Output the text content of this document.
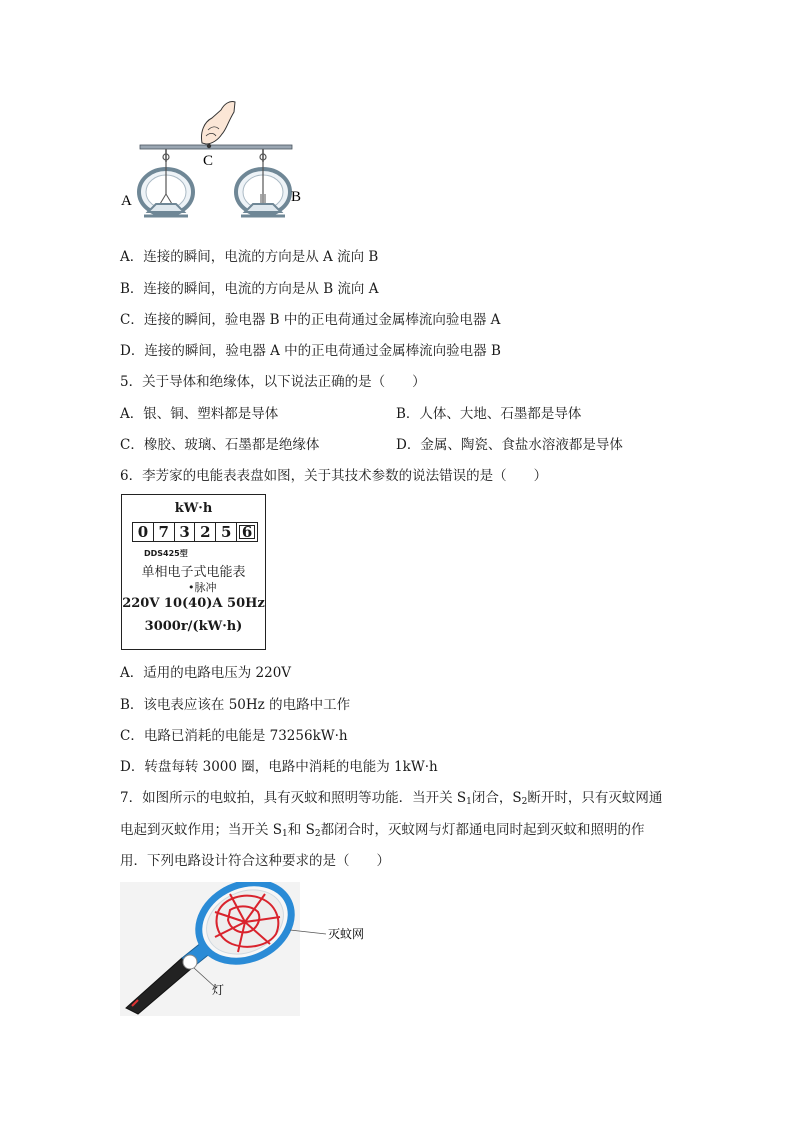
C
A	B
A．连接的瞬间，电流的方向是从 A 流向 B
B．连接的瞬间，电流的方向是从 B 流向 A
C．连接的瞬间，验电器 B 中的正电荷通过金属棒流向验电器 A
D．连接的瞬间，验电器 A 中的正电荷通过金属棒流向验电器 B
5．关于导体和绝缘体，以下说法正确的是（　　）
A．银、铜、塑料都是导体	B．人体、大地、石墨都是导体
C．橡胶、玻璃、石墨都是绝缘体	D．金属、陶瓷、食盐水溶液都是导体
6．李芳家的电能表表盘如图，关于其技术参数的说法错误的是（　　）
kW·h
0 7 3 2 5 6
DDS425型
单相电子式电能表
•脉冲
220V 10(40)A 50Hz
3000r/(kW·h)
A．适用的电路电压为 220V
B．该电表应该在 50Hz 的电路中工作
C．电路已消耗的电能是 73256kW·h
D．转盘每转 3000 圈，电路中消耗的电能为 1kW·h
7．如图所示的电蚊拍，具有灭蚊和照明等功能．当开关 $S_1$闭合，$S_2$断开时，只有灭蚊网通
电起到灭蚊作用；当开关 $S_1$和 $S_2$都闭合时，灭蚊网与灯都通电同时起到灭蚊和照明的作
用．下列电路设计符合这种要求的是（　　）
灭蚊网
灯
